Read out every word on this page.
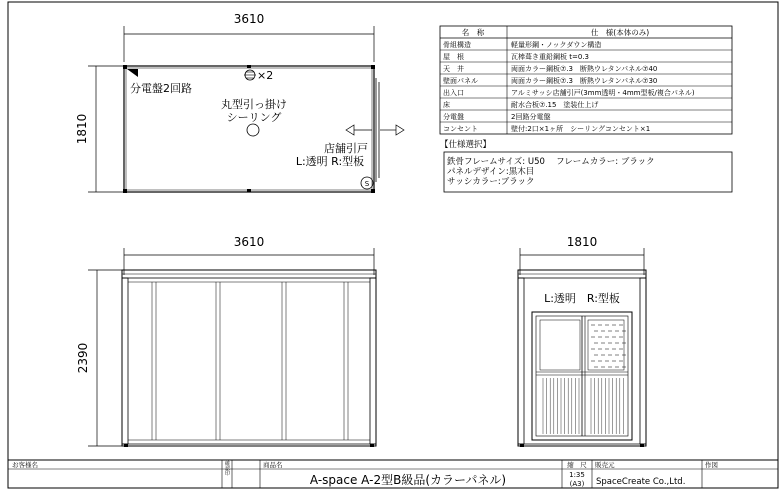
3610
1810
分電盤2回路
×2
丸型引っ掛け
シーリング
店舗引戸
L:透明 R:型板
S
名　称	仕　様(本体のみ)
骨組構造	軽量形鋼・ノックダウン構造
屋　根	瓦棒葺き重鉛鋼板 t=0.3
天　井	両面カラー鋼板⑦.3　断熱ウレタンパネル⑦40
壁面パネル	両面カラー鋼板⑦.3　断熱ウレタンパネル⑦30
出入口	アルミサッシ店舗引戸(3mm透明・4mm型板/複合パネル)
床	耐水合板⑦.15　塗装仕上げ
分電盤	2回路分電盤
コンセント	壁付:2口×1ヶ所　シーリングコンセント×1
【仕様選択】
鉄骨フレームサイズ: U50　 フレームカラー: ブラック
パネルデザイン:黒木目
サッシカラー:ブラック
3610
2390
1810
L:透明　R:型板
お客様名	確認印	商品名
A-space A-2型B級品(カラーパネル)
縮　尺
1:35
(A3)
販売元
SpaceCreate Co.,Ltd.
作図
